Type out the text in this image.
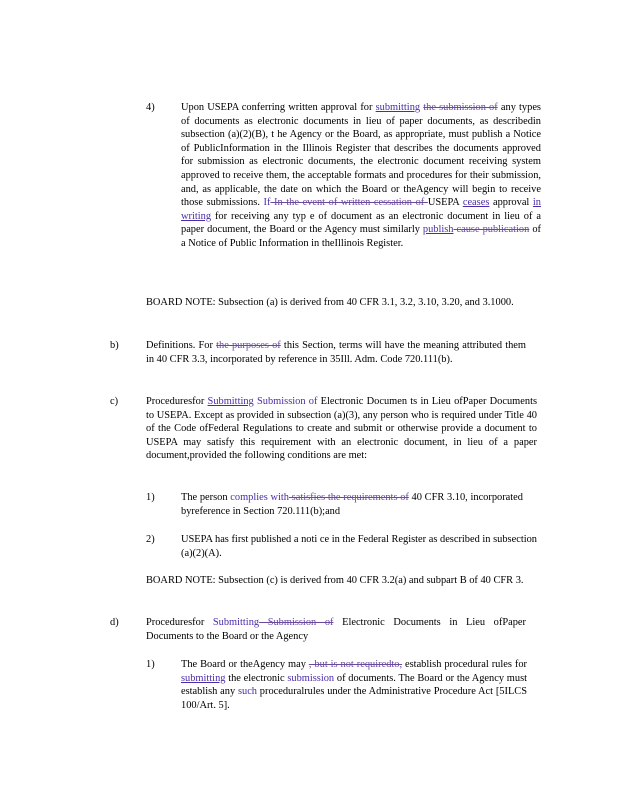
4)	Upon USEPA conferring written approval for submitting the submission of any types of documents as electronic documents in lieu of paper documents, as describedin subsection (a)(2)(B), t he Agency or the Board, as appropriate, must publish a Notice of PublicInformation in the Illinois Register that describes the documents approved for submission as electronic documents, the electronic document receiving system approved to receive them, the acceptable formats and procedures for their submission, and, as applicable, the date on which the Board or theAgency will begin to receive those submissions. If In the event of written cessation of USEPA ceases approval in writing for receiving any typ e of document as an electronic document in lieu of a paper document, the Board or the Agency must similarly publish cause publication of a Notice of Public Information in theIllinois Register.
BOARD NOTE: Subsection (a) is derived from 40 CFR 3.1, 3.2, 3.10, 3.20, and 3.1000.
b)	Definitions. For the purposes of this Section, terms will have the meaning attributed them in 40 CFR 3.3, incorporated by reference in 35Ill. Adm. Code 720.111(b).
c)	Proceduresfor Submitting Submission of Electronic Documen ts in Lieu ofPaper Documents to USEPA. Except as provided in subsection (a)(3), any person who is required under Title 40 of the Code ofFederal Regulations to create and submit or otherwise provide a document to USEPA may satisfy this requirement with an electronic document, in lieu of a paper document,provided the following conditions are met:
1)	The person complies with satisfies the requirements of 40 CFR 3.10, incorporated byreference in Section 720.111(b);and
2)	USEPA has first published a noti ce in the Federal Register as described in subsection (a)(2)(A).
BOARD NOTE: Subsection (c) is derived from 40 CFR 3.2(a) and subpart B of 40 CFR 3.
d)	Proceduresfor Submitting Submission of Electronic Documents in Lieu ofPaper Documents to the Board or the Agency
1)	The Board or theAgency may , but is not requiredto, establish procedural rules for submitting the electronic submission of documents. The Board or the Agency must establish any such proceduralrules under the Administrative Procedure Act [5ILCS 100/Art. 5].
